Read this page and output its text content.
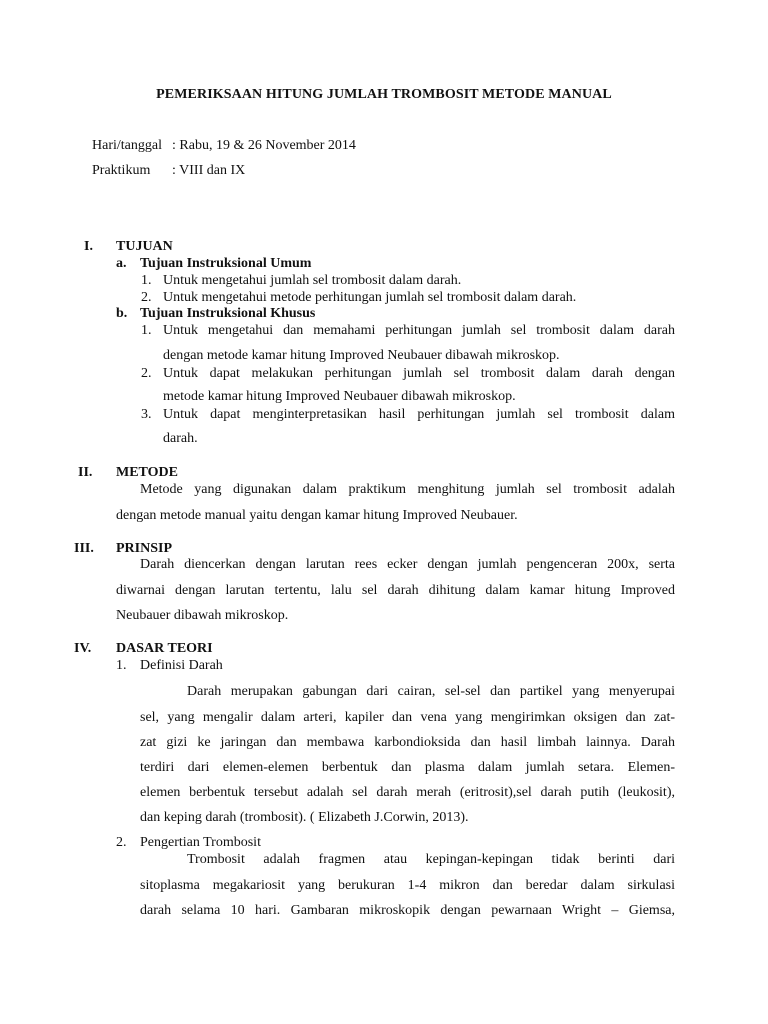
PEMERIKSAAN HITUNG JUMLAH TROMBOSIT METODE MANUAL
Hari/tanggal : Rabu, 19 & 26 November 2014
Praktikum : VIII dan IX
I. TUJUAN
a. Tujuan Instruksional Umum
1. Untuk mengetahui jumlah sel trombosit dalam darah.
2. Untuk mengetahui metode perhitungan jumlah sel trombosit dalam darah.
b. Tujuan Instruksional Khusus
1. Untuk mengetahui dan memahami perhitungan jumlah sel trombosit dalam darah
dengan metode kamar hitung Improved Neubauer dibawah mikroskop.
2. Untuk dapat melakukan perhitungan jumlah sel trombosit dalam darah dengan
metode kamar hitung Improved Neubauer dibawah mikroskop.
3. Untuk dapat menginterpretasikan hasil perhitungan jumlah sel trombosit dalam
darah.
II. METODE
Metode yang digunakan dalam praktikum menghitung jumlah sel trombosit adalah
dengan metode manual yaitu dengan kamar hitung Improved Neubauer.
III. PRINSIP
Darah diencerkan dengan larutan rees ecker dengan jumlah pengenceran 200x, serta
diwarnai dengan larutan tertentu, lalu sel darah dihitung dalam kamar hitung Improved
Neubauer dibawah mikroskop.
IV. DASAR TEORI
1. Definisi Darah
Darah merupakan gabungan dari cairan, sel-sel dan partikel yang menyerupai
sel, yang mengalir dalam arteri, kapiler dan vena yang mengirimkan oksigen dan zat-
zat gizi ke jaringan dan membawa karbondioksida dan hasil limbah lainnya. Darah
terdiri dari elemen-elemen berbentuk dan plasma dalam jumlah setara. Elemen-
elemen berbentuk tersebut adalah sel darah merah (eritrosit),sel darah putih (leukosit),
dan keping darah (trombosit). ( Elizabeth J.Corwin, 2013).
2. Pengertian Trombosit
Trombosit adalah fragmen atau kepingan-kepingan tidak berinti dari
sitoplasma megakariosit yang berukuran 1-4 mikron dan beredar dalam sirkulasi
darah selama 10 hari. Gambaran mikroskopik dengan pewarnaan Wright – Giemsa,
